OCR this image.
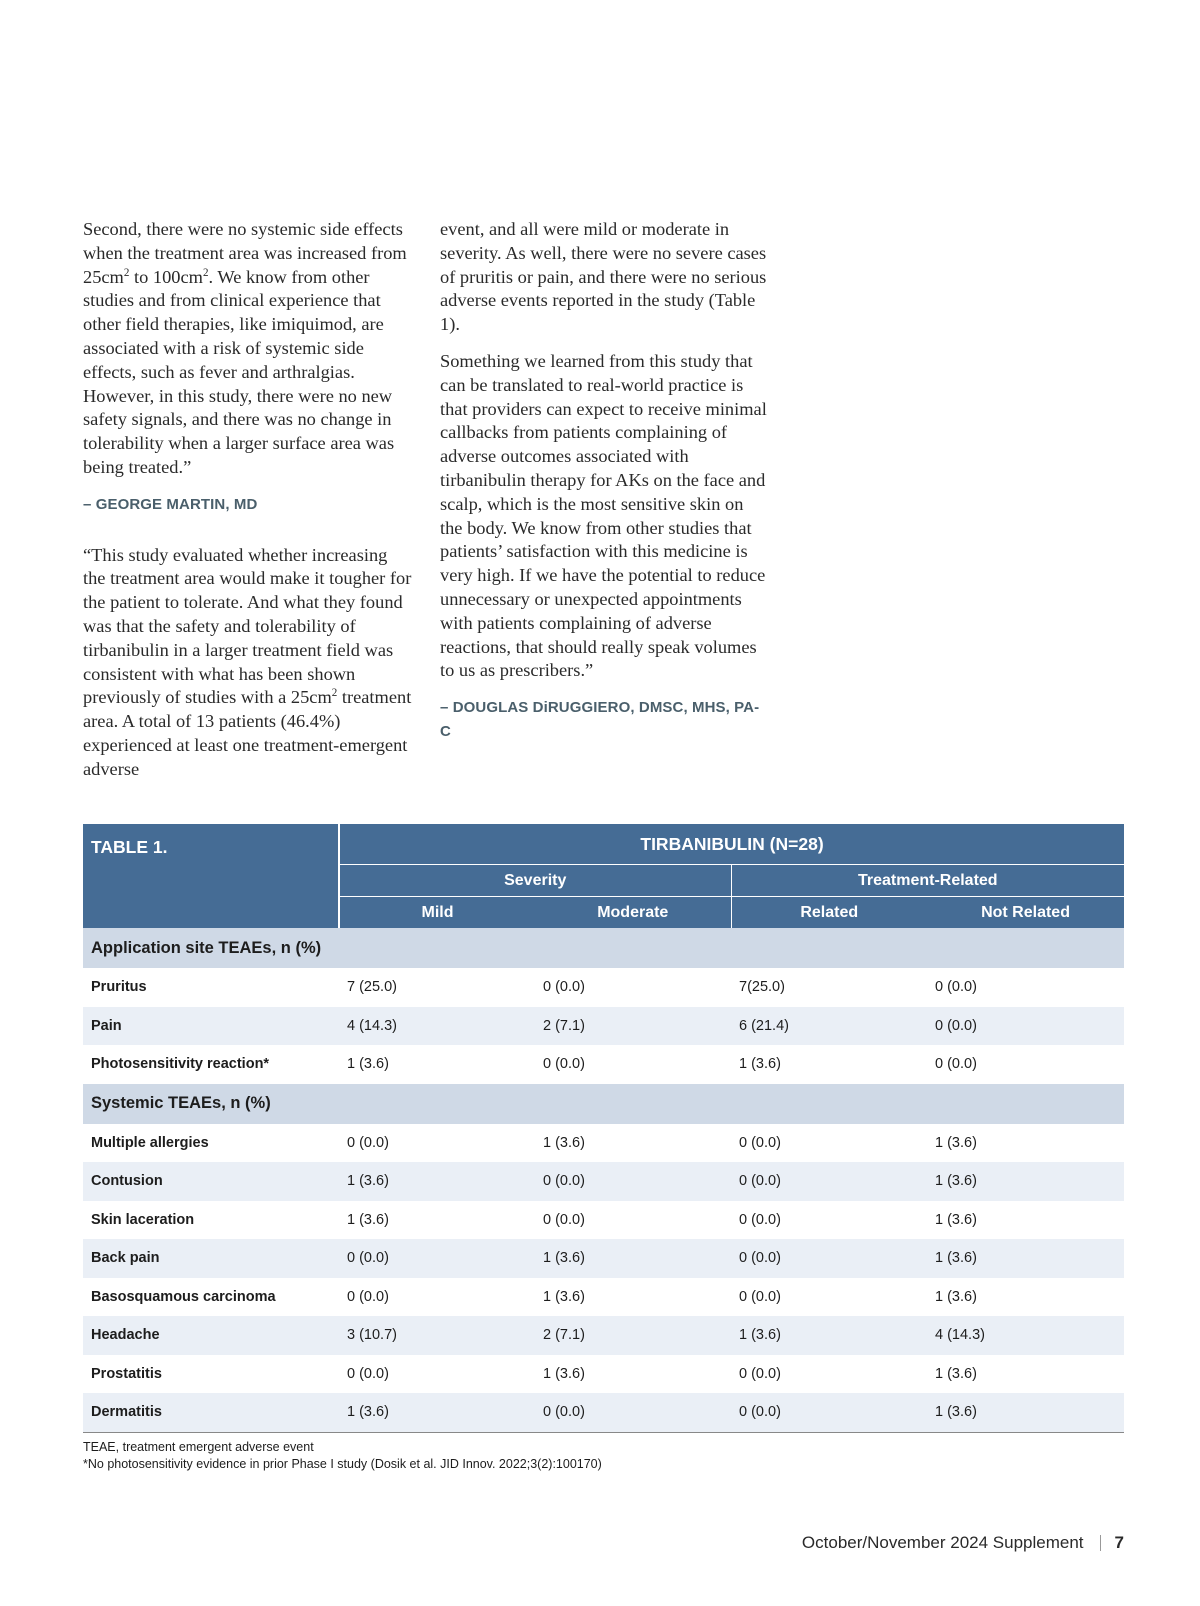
Second, there were no systemic side effects when the treatment area was increased from $25cm^2$ to $100cm^2$. We know from other studies and from clinical experience that other field therapies, like imiquimod, are associated with a risk of systemic side effects, such as fever and arthralgias. However, in this study, there were no new safety signals, and there was no change in tolerability when a larger surface area was being treated.”

– GEORGE MARTIN, MD

“This study evaluated whether increasing the treatment area would make it tougher for the patient to tolerate. And what they found was that the safety and tolerability of tirbanibulin in a larger treatment field was consistent with what has been shown previously of studies with a $25cm^2$ treatment area. A total of 13 patients (46.4%) experienced at least one treatment-emergent adverse

event, and all were mild or moderate in severity. As well, there were no severe cases of pruritis or pain, and there were no serious adverse events reported in the study (Table 1).

Something we learned from this study that can be translated to real-world practice is that providers can expect to receive minimal callbacks from patients complaining of adverse outcomes associated with tirbanibulin therapy for AKs on the face and scalp, which is the most sensitive skin on the body. We know from other studies that patients’ satisfaction with this medicine is very high. If we have the potential to reduce unnecessary or unexpected appointments with patients complaining of adverse reactions, that should really speak volumes to us as prescribers.”

– DOUGLAS DiRUGGIERO, DMSC, MHS, PA-C
TABLE 1.	TIRBANIBULIN (N=28)			
	Severity		Treatment-Related	
	Mild	Moderate	Related	Not Related
Application site TEAEs, n (%)				
Pruritus	7 (25.0)	0 (0.0)	7(25.0)	0 (0.0)
Pain	4 (14.3)	2 (7.1)	6 (21.4)	0 (0.0)
Photosensitivity reaction*	1 (3.6)	0 (0.0)	1 (3.6)	0 (0.0)
Systemic TEAEs, n (%)				
Multiple allergies	0 (0.0)	1 (3.6)	0 (0.0)	1 (3.6)
Contusion	1 (3.6)	0 (0.0)	0 (0.0)	1 (3.6)
Skin laceration	1 (3.6)	0 (0.0)	0 (0.0)	1 (3.6)
Back pain	0 (0.0)	1 (3.6)	0 (0.0)	1 (3.6)
Basosquamous carcinoma	0 (0.0)	1 (3.6)	0 (0.0)	1 (3.6)
Headache	3 (10.7)	2 (7.1)	1 (3.6)	4 (14.3)
Prostatitis	0 (0.0)	1 (3.6)	0 (0.0)	1 (3.6)
Dermatitis	1 (3.6)	0 (0.0)	0 (0.0)	1 (3.6)
TEAE, treatment emergent adverse event
*No photosensitivity evidence in prior Phase I study (Dosik et al. JID Innov. 2022;3(2):100170)
October/November 2024 Supplement 7
